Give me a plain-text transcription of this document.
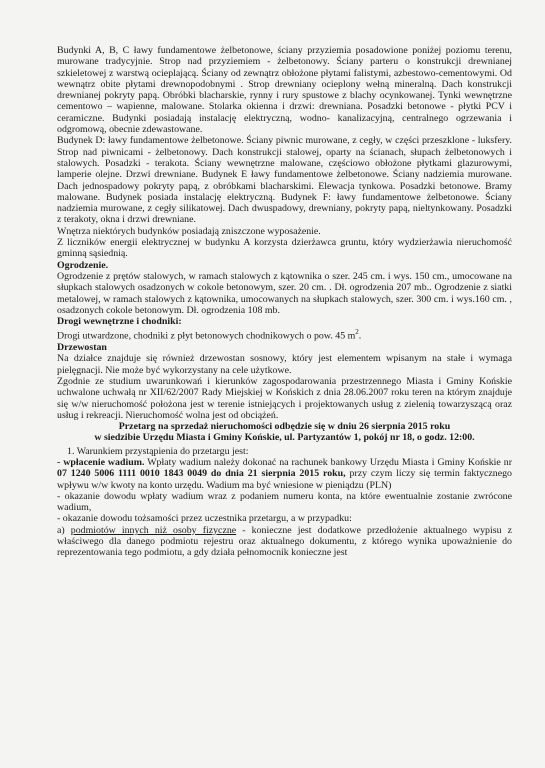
Budynki A, B, C ławy fundamentowe żelbetonowe, ściany przyziemia posadowione poniżej poziomu terenu, murowane tradycyjnie. Strop nad przyziemiem - żelbetonowy. Ściany parteru o konstrukcji drewnianej szkieletowej z warstwą ocieplającą. Ściany od zewnątrz obłożone płytami falistymi, azbestowo-cementowymi. Od wewnątrz obite płytami drewnopodobnymi . Strop drewniany ocieplony wełną mineralną. Dach konstrukcji drewnianej pokryty papą. Obróbki blacharskie, rynny i rury spustowe z blachy ocynkowanej. Tynki wewnętrzne cementowo – wapienne, malowane. Stolarka okienna i drzwi: drewniana. Posadzki betonowe - płytki PCV i ceramiczne. Budynki posiadają instalację elektryczną, wodno- kanalizacyjną, centralnego ogrzewania i odgromową, obecnie zdewastowane.

Budynek D: ławy fundamentowe żelbetonowe. Ściany piwnic murowane, z cegły, w części przeszklone - luksfery. Strop nad piwnicami - żelbetonowy. Dach konstrukcji stalowej, oparty na ścianach, słupach żelbetonowych i stalowych. Posadzki - terakota. Ściany wewnętrzne malowane, częściowo obłożone płytkami glazurowymi, lamperie olejne. Drzwi drewniane. Budynek E ławy fundamentowe żelbetonowe. Ściany nadziemia murowane. Dach jednospadowy pokryty papą, z obróbkami blacharskimi. Elewacja tynkowa. Posadzki betonowe. Bramy malowane. Budynek posiada instalację elektryczną. Budynek F: ławy fundamentowe żelbetonowe. Ściany nadziemia murowane, z cegły silikatowej. Dach dwuspadowy, drewniany, pokryty papą, nieltynkowany. Posadzki z terakoty, okna i drzwi drewniane.

Wnętrza niektórych budynków posiadają zniszczone wyposażenie.

Z liczników energii elektrycznej w budynku A korzysta dzierżawca gruntu, który wydzierżawia nieruchomość gminną sąsiednią.

Ogrodzenie.

Ogrodzenie z prętów stalowych, w ramach stalowych z kątownika o szer. 245 cm. i wys. 150 cm., umocowane na słupkach stalowych osadzonych w cokole betonowym, szer. 20 cm. . Dł. ogrodzenia 207 mb.. Ogrodzenie z siatki metalowej, w ramach stalowych z kątownika, umocowanych na słupkach stalowych, szer. 300 cm. i wys.160 cm. , osadzonych cokole betonowym. Dł. ogrodzenia 108 mb.

Drogi wewnętrzne i chodniki:

Drogi utwardzone, chodniki z płyt betonowych chodnikowych o pow. 45 $m^2$.

Drzewostan

Na działce znajduje się również drzewostan sosnowy, który jest elementem wpisanym na stałe i wymaga pielęgnacji. Nie może być wykorzystany na cele użytkowe.

Zgodnie ze studium uwarunkowań i kierunków zagospodarowania przestrzennego Miasta i Gminy Końskie uchwalone uchwałą nr XII/62/2007 Rady Miejskiej w Końskich z dnia 28.06.2007 roku teren na którym znajduje się w/w nieruchomość położona jest w terenie istniejących i projektowanych usług z zielenią towarzyszącą oraz usług i rekreacji. Nieruchomość wolna jest od obciążeń.

Przetarg na sprzedaż nieruchomości odbędzie się w dniu 26 sierpnia 2015 roku

w siedzibie Urzędu Miasta i Gminy Końskie, ul. Partyzantów 1, pokój nr 18, o godz. 12:00.

1. Warunkiem przystąpienia do przetargu jest:

- wpłacenie wadium. Wpłaty wadium należy dokonać na rachunek bankowy Urzędu Miasta i Gminy Końskie nr 07 1240 5006 1111 0010 1843 0049 do dnia 21 sierpnia 2015 roku, przy czym liczy się termin faktycznego wpływu w/w kwoty na konto urzędu. Wadium ma być wniesione w pieniądzu (PLN)

- okazanie dowodu wpłaty wadium wraz z podaniem numeru konta, na które ewentualnie zostanie zwrócone wadium,

- okazanie dowodu tożsamości przez uczestnika przetargu, a w przypadku:

a) podmiotów innych niż osoby fizyczne - konieczne jest dodatkowe przedłożenie aktualnego wypisu z właściwego dla danego podmiotu rejestru oraz aktualnego dokumentu, z którego wynika upoważnienie do reprezentowania tego podmiotu, a gdy działa pełnomocnik konieczne jest
